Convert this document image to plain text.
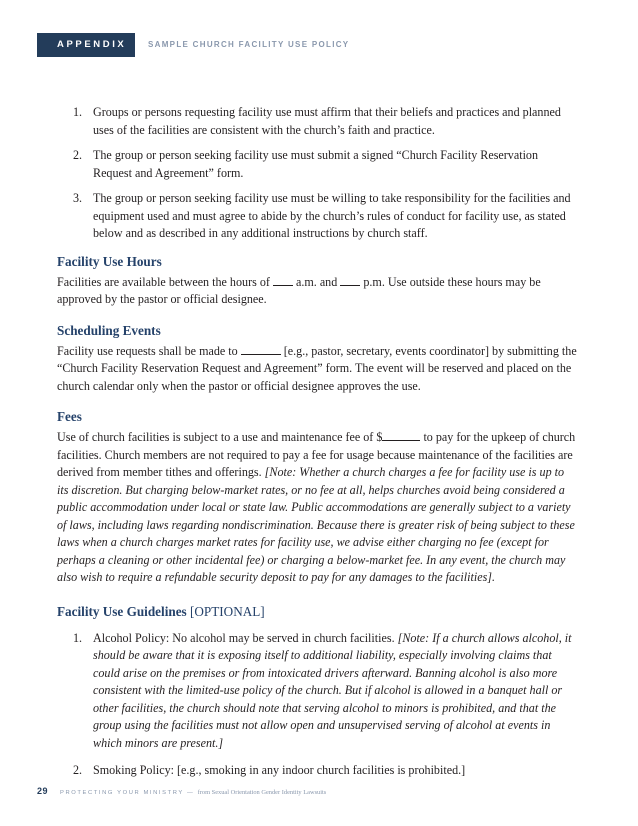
APPENDIX B
SAMPLE CHURCH FACILITY USE POLICY
1. Groups or persons requesting facility use must affirm that their beliefs and practices and planned uses of the facilities are consistent with the church’s faith and practice.
2. The group or person seeking facility use must submit a signed “Church Facility Reservation Request and Agreement” form.
3. The group or person seeking facility use must be willing to take responsibility for the facilities and equipment used and must agree to abide by the church’s rules of conduct for facility use, as stated below and as described in any additional instructions by church staff.
Facility Use Hours

Facilities are available between the hours of a.m. and p.m. Use outside these hours may be approved by the pastor or official designee.

Scheduling Events

Facility use requests shall be made to	[e.g., pastor, secretary, events coordinator] by submitting the “Church Facility Reservation Request and Agreement” form. The event will be reserved and placed on the church calendar only when the pastor or official designee approves the use.

Fees

Use of church facilities is subject to a use and maintenance fee of $	to pay for the upkeep of church facilities. Church members are not required to pay a fee for usage because maintenance of the facilities are derived from member tithes and offerings. [Note: Whether a church charges a fee for facility use is up to its discretion. But charging below-market rates, or no fee at all, helps churches avoid being considered a public accommodation under local or state law. Public accommodations are generally subject to a variety of laws, including laws regarding nondiscrimination. Because there is greater risk of being subject to these laws when a church charges market rates for facility use, we advise either charging no fee (except for perhaps a cleaning or other incidental fee) or charging a below-market fee. In any event, the church may also wish to require a refundable security deposit to pay for any damages to the facilities].

Facility Use Guidelines [OPTIONAL]
1. Alcohol Policy: No alcohol may be served in church facilities. [Note: If a church allows alcohol, it should be aware that it is exposing itself to additional liability, especially involving claims that could arise on the premises or from intoxicated drivers afterward. Banning alcohol is also more consistent with the limited-use policy of the church. But if alcohol is allowed in a banquet hall or other facilities, the church should note that serving alcohol to minors is prohibited, and that the group using the facilities must not allow open and unsupervised serving of alcohol at events in which minors are present.]
2. Smoking Policy: [e.g., smoking in any indoor church facilities is prohibited.]
29 PROTECTING YOUR MINISTRY — from Sexual Orientation Gender Identity Lawsuits
